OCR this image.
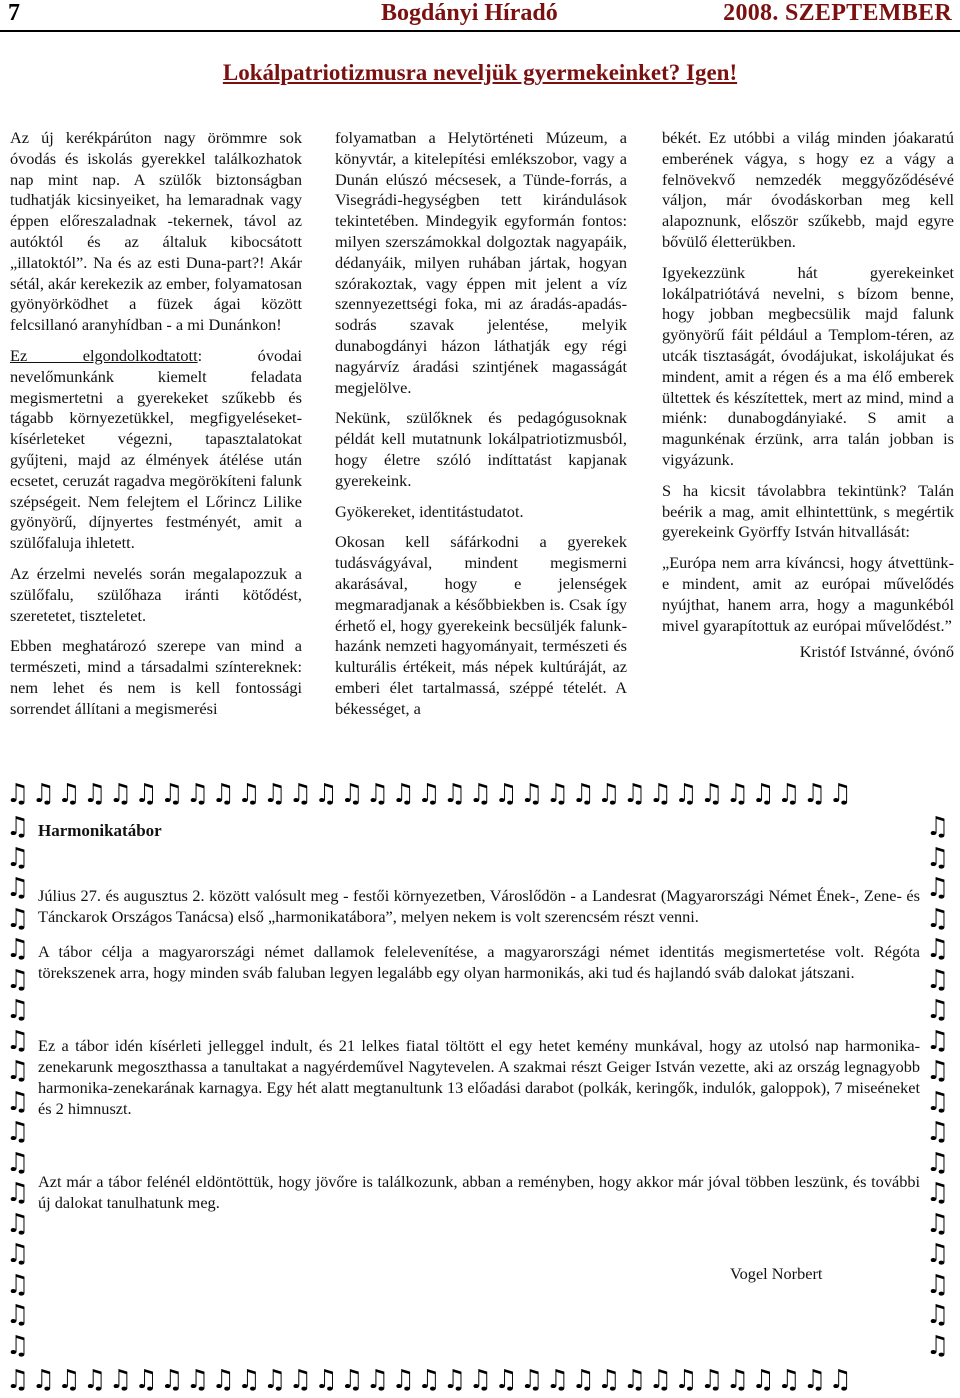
7	Bogdányi Híradó	2008. SZEPTEMBER
Lokálpatriotizmusra neveljük gyermekeinket? Igen!

Az új kerékpárúton nagy örömmre sok óvodás és iskolás gyerekkel találkozhatok nap mint nap. A szülők biztonságban tudhatják kicsinyeiket, ha lemaradnak vagy éppen előreszaladnak -tekernek, távol az autóktól és az általuk kibocsátott „illatoktól”. Na és az esti Duna-part?! Akár sétál, akár kerekezik az ember, folyamatosan gyönyörködhet a füzek ágai között felcsillanó aranyhídban - a mi Dunánkon!

Ez elgondolkodtatott: óvodai nevelőmunkánk kiemelt feladata megismertetni a gyerekeket szűkebb és tágabb környezetükkel, megfigyeléseket-kísérleteket végezni, tapasztalatokat gyűjteni, majd az élmények átélése után ecsetet, ceruzát ragadva megörökíteni falunk szépségeit. Nem felejtem el Lőrincz Lilike gyönyörű, díjnyertes festményét, amit a szülőfaluja ihletett.

Az érzelmi nevelés során megalapozzuk a szülőfalu, szülőhaza iránti kötődést, szeretetet, tiszteletet.

Ebben meghatározó szerepe van mind a természeti, mind a társadalmi színtereknek: nem lehet és nem is kell fontossági sorrendet állítani a megismerési

folyamatban a Helytörténeti Múzeum, a könyvtár, a kitelepítési emlékszobor, vagy a Dunán elúszó mécsesek, a Tünde-forrás, a Visegrádi-hegységben tett kirándulások tekintetében. Mindegyik egyformán fontos: milyen szerszámokkal dolgoztak nagyapáik, dédanyáik, milyen ruhában jártak, hogyan szórakoztak, vagy éppen mit jelent a víz szennyezettségi foka, mi az áradás-apadás-sodrás szavak jelentése, melyik dunabogdányi házon láthatják egy régi nagyárvíz áradási szintjének magasságát megjelölve.

Nekünk, szülőknek és pedagógusoknak példát kell mutatnunk lokálpatriotizmusból, hogy életre szóló indíttatást kapjanak gyerekeink.

Gyökereket, identitástudatot.

Okosan kell sáfárkodni a gyerekek tudásvágyával, mindent megismerni akarásával, hogy e jelenségek megmaradjanak a későbbiekben is. Csak így érhető el, hogy gyerekeink becsüljék falunk-hazánk nemzeti hagyományait, természeti és kulturális értékeit, más népek kultúráját, az emberi élet tartalmassá, széppé tételét. A békességet, a

békét. Ez utóbbi a világ minden jóakaratú emberének vágya, s hogy ez a vágy a felnövekvő nemzedék meggyőződésévé váljon, már óvodáskorban meg kell alapoznunk, először szűkebb, majd egyre bővülő életterükben.

Igyekezzünk hát gyerekeinket lokálpatriótává nevelni, s bízom benne, hogy jobban megbecsülik majd falunk gyönyörű fáit például a Templom-téren, az utcák tisztaságát, óvodájukat, iskolájukat és mindent, amit a régen és a ma élő emberek ültettek és készítettek, mert az mind, mind a miénk: dunabogdányiaké. S amit a magunkénak érzünk, arra talán jobban is vigyázunk.

S ha kicsit távolabbra tekintünk? Talán beérik a mag, amit elhintettünk, s megértik gyerekeink Györffy István hitvallását:

„Európa nem arra kíváncsi, hogy átvettünk-e mindent, amit az európai művelődés nyújthat, hanem arra, hogy a magunkéból mivel gyarapítottuk az európai művelődést.”

Kristóf Istvánné, óvónő

♫♫♫♫♫♫♫♫♫♫♫♫♫♫♫♫♫♫♫♫♫♫♫♫♫♫♫♫♫♫♫♫♫
♫ ♫ ♫ ♫ ♫ ♫ ♫ ♫ ♫ ♫ ♫ ♫ ♫ ♫ ♫ ♫ ♫ ♫
♫ ♫ ♫ ♫ ♫ ♫ ♫ ♫ ♫ ♫ ♫ ♫ ♫ ♫ ♫ ♫ ♫ ♫
♫♫♫♫♫♫♫♫♫♫♫♫♫♫♫♫♫♫♫♫♫♫♫♫♫♫♫♫♫♫♫♫♫

Harmonikatábor

Július 27. és augusztus 2. között valósult meg - festői környezetben, Városlődön - a Landesrat (Magyarországi Német Ének-, Zene- és Tánckarok Országos Tanácsa) első „harmonikatábora”, melyen nekem is volt szerencsém részt venni.

A tábor célja a magyarországi német dallamok felelevenítése, a magyarországi német identitás megismertetése volt. Régóta törekszenek arra, hogy minden sváb faluban legyen legalább egy olyan harmonikás, aki tud és hajlandó sváb dalokat játszani.

Ez a tábor idén kísérleti jelleggel indult, és 21 lelkes fiatal töltött el egy hetet kemény munkával, hogy az utolsó nap harmonika-zenekarunk megoszthassa a tanultakat a nagyérdeművel Nagytevelen. A szakmai részt Geiger István vezette, aki az ország legnagyobb harmonika-zenekarának karnagya. Egy hét alatt megtanultunk 13 előadási darabot (polkák, keringők, indulók, galoppok), 7 miseéneket és 2 himnuszt.

Azt már a tábor felénél eldöntöttük, hogy jövőre is találkozunk, abban a reményben, hogy akkor már jóval többen leszünk, és további új dalokat tanulhatunk meg.

Vogel Norbert
